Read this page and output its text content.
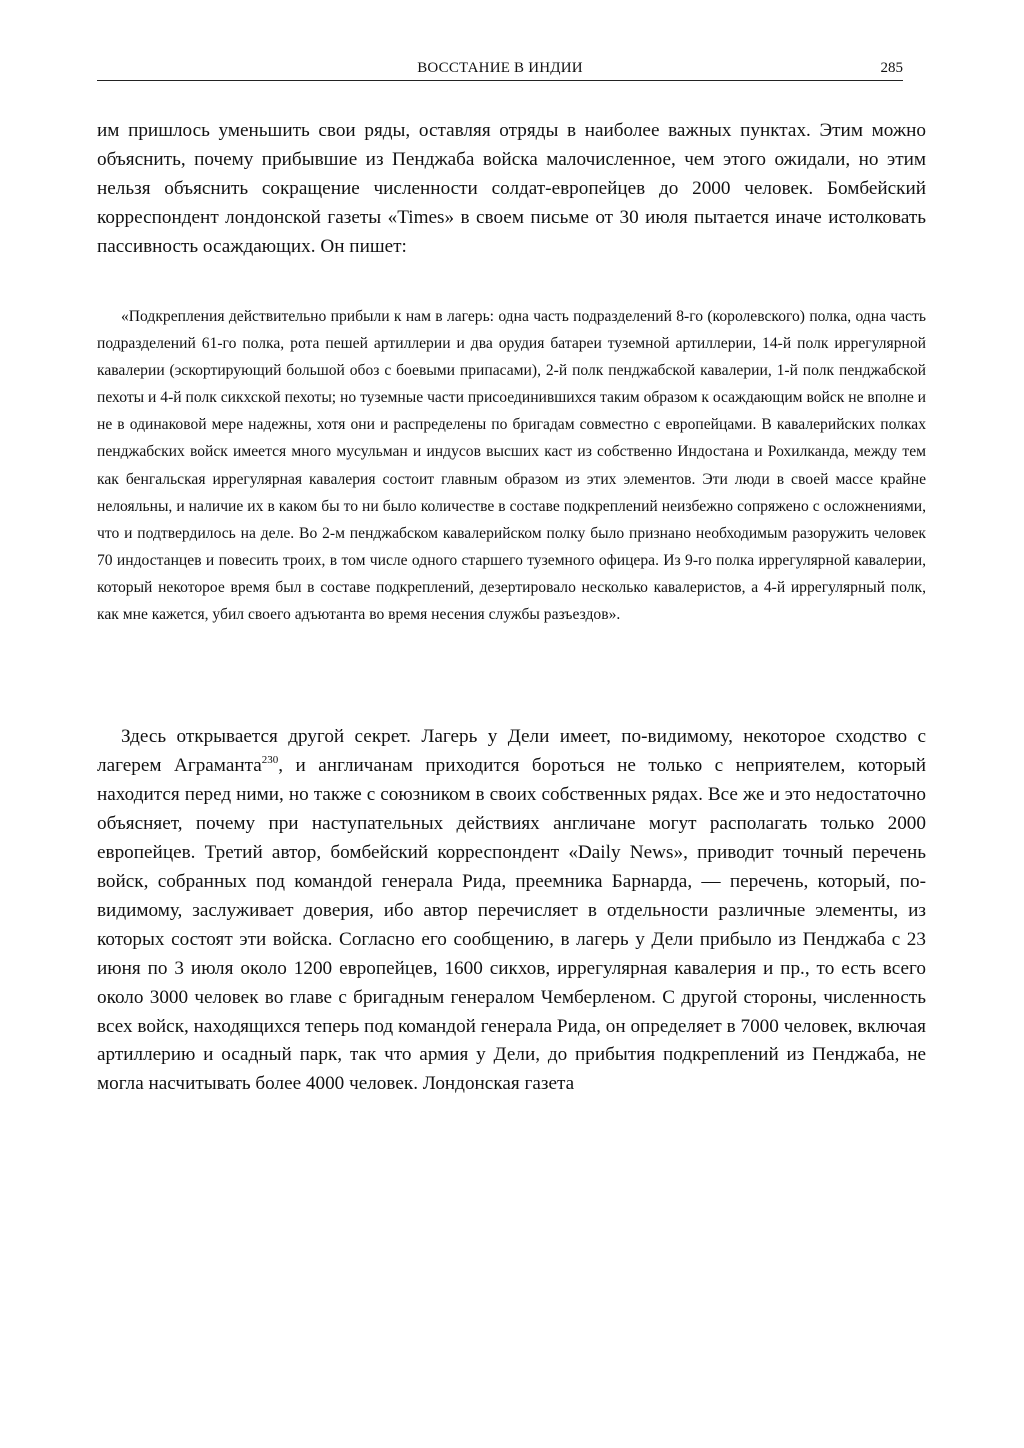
ВОССТАНИЕ В ИНДИИ	285

им пришлось уменьшить свои ряды, оставляя отряды в наиболее важных пунктах. Этим можно объяснить, почему прибывшие из Пенджаба войска малочисленное, чем этого ожидали, но этим нельзя объяснить сокращение численности солдат-европейцев до 2000 человек. Бомбейский корреспондент лондонской газеты «Times» в своем письме от 30 июля пытается иначе истолковать пассивность осаждающих. Он пишет:

«Подкрепления действительно прибыли к нам в лагерь: одна часть подразделений 8-го (королевского) полка, одна часть подразделений 61-го полка, рота пешей артиллерии и два орудия батареи туземной артиллерии, 14-й полк иррегулярной кавалерии (эскортирующий большой обоз с боевыми припасами), 2-й полк пенджабской кавалерии, 1-й полк пенджабской пехоты и 4-й полк сикхской пехоты; но туземные части присоединившихся таким образом к осаждающим войск не вполне и не в одинаковой мере надежны, хотя они и распределены по бригадам совместно с европейцами. В кавалерийских полках пенджабских войск имеется много мусульман и индусов высших каст из собственно Индостана и Рохилканда, между тем как бенгальская иррегулярная кавалерия состоит главным образом из этих элементов. Эти люди в своей массе крайне нелояльны, и наличие их в каком бы то ни было количестве в составе подкреплений неизбежно сопряжено с осложнениями, что и подтвердилось на деле. Во 2-м пенджабском кавалерийском полку было признано необходимым разоружить человек 70 индостанцев и повесить троих, в том числе одного старшего туземного офицера. Из 9-го полка иррегулярной кавалерии, который некоторое время был в составе подкреплений, дезертировало несколько кавалеристов, а 4-й иррегулярный полк, как мне кажется, убил своего адъютанта во время несения службы разъездов».

Здесь открывается другой секрет. Лагерь у Дели имеет, по-видимому, некоторое сходство с лагерем Аграманта$^{230}$, и англичанам приходится бороться не только с неприятелем, который находится перед ними, но также с союзником в своих собственных рядах. Все же и это недостаточно объясняет, почему при наступательных действиях англичане могут располагать только 2000 европейцев. Третий автор, бомбейский корреспондент «Daily News», приводит точный перечень войск, собранных под командой генерала Рида, преемника Барнарда, — перечень, который, по-видимому, заслуживает доверия, ибо автор перечисляет в отдельности различные элементы, из которых состоят эти войска. Согласно его сообщению, в лагерь у Дели прибыло из Пенджаба с 23 июня по 3 июля около 1200 европейцев, 1600 сикхов, иррегулярная кавалерия и пр., то есть всего около 3000 человек во главе с бригадным генералом Чемберленом. С другой стороны, численность всех войск, находящихся теперь под командой генерала Рида, он определяет в 7000 человек, включая артиллерию и осадный парк, так что армия у Дели, до прибытия подкреплений из Пенджаба, не могла насчитывать более 4000 человек. Лондонская газета
